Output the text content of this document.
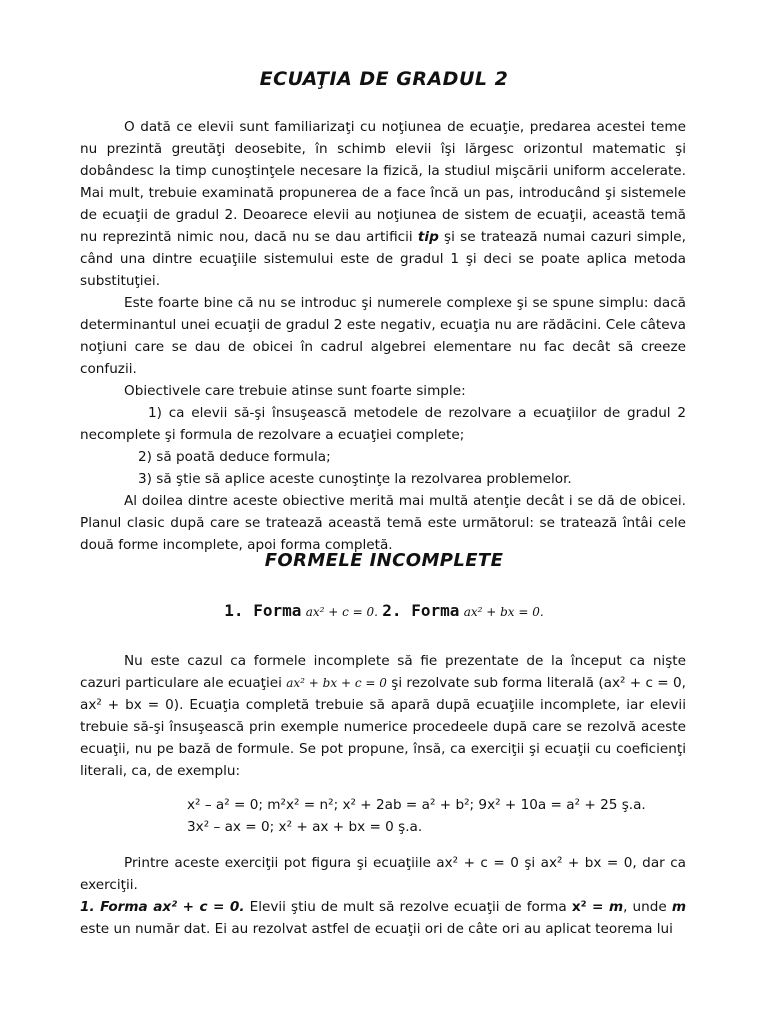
ECUAŢIA DE GRADUL 2

O dată ce elevii sunt familiarizaţi cu noţiunea de ecuaţie, predarea acestei teme nu prezintă greutăţi deosebite, în schimb elevii îşi lărgesc orizontul matematic şi dobândesc la timp cunoştinţele necesare la fizică, la studiul mişcării uniform accelerate. Mai mult, trebuie examinată propunerea de a face încă un pas, introducând şi sistemele de ecuaţii de gradul 2. Deoarece elevii au noţiunea de sistem de ecuaţii, această temă nu reprezintă nimic nou, dacă nu se dau artificii tip şi se tratează numai cazuri simple, când una dintre ecuaţiile sistemului este de gradul 1 şi deci se poate aplica metoda substituţiei.

Este foarte bine că nu se introduc şi numerele complexe şi se spune simplu: dacă determinantul unei ecuaţii de gradul 2 este negativ, ecuaţia nu are rădăcini. Cele câteva noţiuni care se dau de obicei în cadrul algebrei elementare nu fac decât să creeze confuzii.

Obiectivele care trebuie atinse sunt foarte simple:

1) ca elevii să-şi însuşească metodele de rezolvare a ecuaţiilor de gradul 2 necomplete şi formula de rezolvare a ecuaţiei complete;

2) să poată deduce formula;

3) să ştie să aplice aceste cunoştinţe la rezolvarea problemelor.

Al doilea dintre aceste obiective merită mai multă atenţie decât i se dă de obicei. Planul clasic după care se tratează această temă este următorul: se tratează întâi cele două forme incomplete, apoi forma completă.

FORMELE INCOMPLETE
1. Forma ax² + c = 0. 2. Forma ax² + bx = 0.

Nu este cazul ca formele incomplete să fie prezentate de la început ca nişte cazuri particulare ale ecuaţiei ax² + bx + c = 0 şi rezolvate sub forma literală (ax² + c = 0, ax² + bx = 0). Ecuaţia completă trebuie să apară după ecuaţiile incomplete, iar elevii trebuie să-şi însuşească prin exemple numerice procedeele după care se rezolvă aceste ecuaţii, nu pe bază de formule. Se pot propune, însă, ca exerciţii şi ecuaţii cu coeficienţi literali, ca, de exemplu:

x² – a² = 0; m²x² = n²; x² + 2ab = a² + b²; 9x² + 10a = a² + 25 ş.a.

3x² – ax = 0; x² + ax + bx = 0 ş.a.

Printre aceste exerciţii pot figura şi ecuaţiile ax² + c = 0 şi ax² + bx = 0, dar ca exerciţii.

1. Forma ax² + c = 0. Elevii ştiu de mult să rezolve ecuaţii de forma x² = m, unde m este un număr dat. Ei au rezolvat astfel de ecuaţii ori de câte ori au aplicat teorema lui
